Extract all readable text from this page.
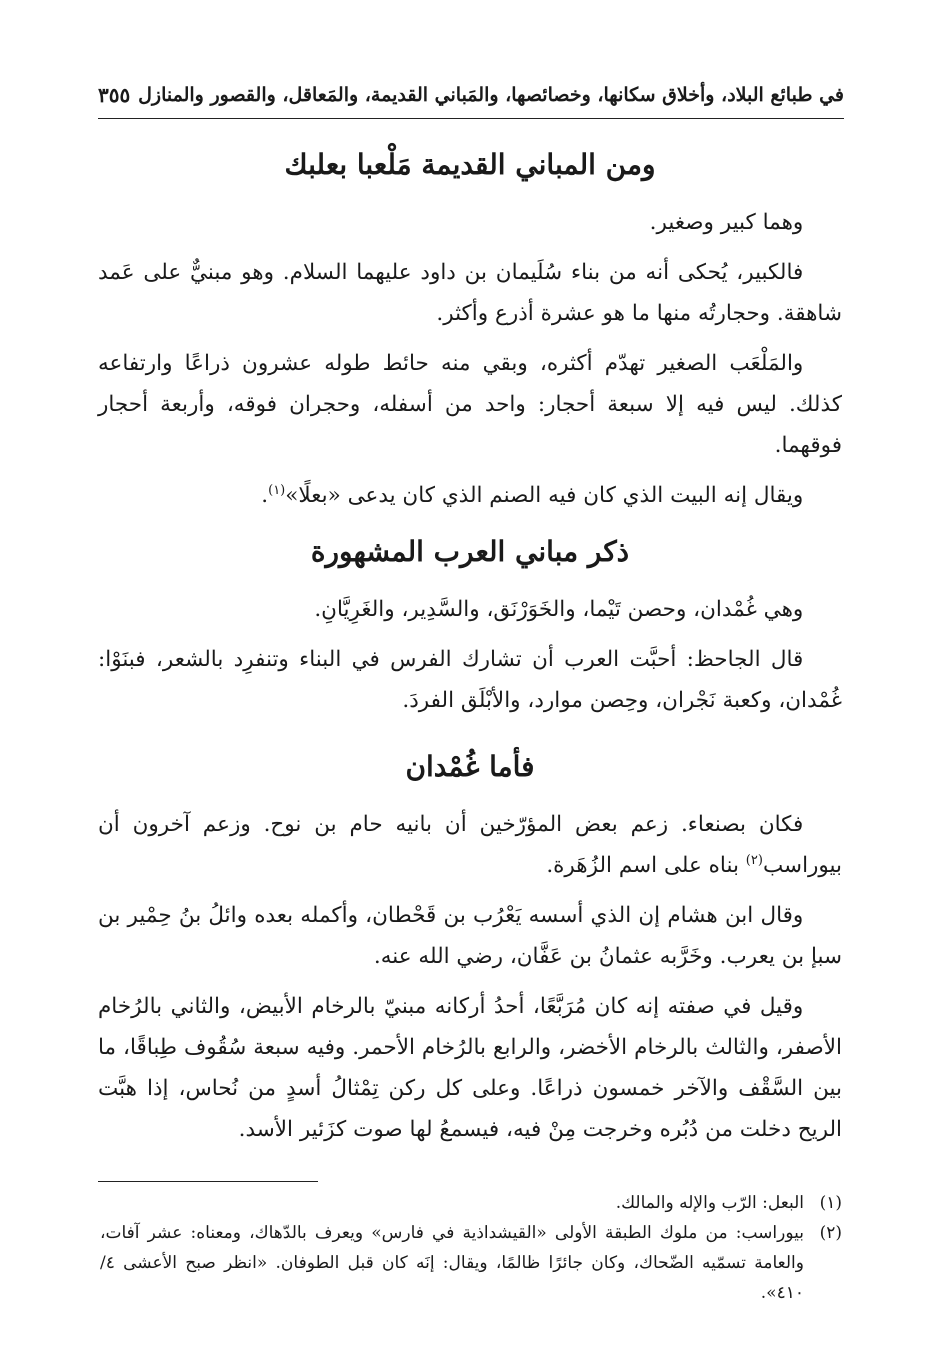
في طبائع البلاد، وأخلاق سكانها، وخصائصها، والمَباني القديمة، والمَعاقل، والقصور والمنازل
٣٥٥
ومن المباني القديمة مَلْعبا بعلبك

وهما كبير وصغير.

فالكبير، يُحكى أنه من بناء سُلَيمان بن داود عليهما السلام. وهو مبنيٌّ على عَمد شاهقة. وحجارتُه منها ما هو عشرة أذرع وأكثر.

والمَلْعَب الصغير تهدّم أكثره، وبقي منه حائط طوله عشرون ذراعًا وارتفاعه كذلك. ليس فيه إلا سبعة أحجار: واحد من أسفله، وحجران فوقه، وأربعة أحجار فوقهما.

ويقال إنه البيت الذي كان فيه الصنم الذي كان يدعى «بعلًا»$^{(١)}$.

ذكر مباني العرب المشهورة

وهي غُمْدان، وحصن تَيْما، والخَوَرْنَق، والسَّدِير، والغَرِيَّانِ.

قال الجاحظ: أحبَّت العرب أن تشارك الفرس في البناء وتنفرِد بالشعر، فبنَوْا: غُمْدان، وكعبة نَجْران، وحِصن موارد، والأبْلَق الفردَ.

فأما غُمْدان

فكان بصنعاء. زعم بعض المؤرّخين أن بانيه حام بن نوح. وزعم آخرون أن بيوراسب$^{(٢)}$ بناه على اسم الزُهَرة.

وقال ابن هشام إن الذي أسسه يَعْرُب بن قَحْطان، وأكمله بعده وائلُ بنُ حِمْير بن سبإ بن يعرب. وخَرَّبه عثمانُ بن عَفَّان، رضي الله عنه.

وقيل في صفته إنه كان مُرَبَّعًا، أحدُ أركانه مبنيّ بالرخام الأبيض، والثاني بالرُخام الأصفر، والثالث بالرخام الأخضر، والرابع بالرُخام الأحمر. وفيه سبعة سُقُوف طِباقًا، ما بين السَّقْف والآخر خمسون ذراعًا. وعلى كل ركن تِمْثالُ أسدٍ من نُحاس، إذا هبَّت الريح دخلت من دُبُره وخرجت مِنْ فيه، فيسمعُ لها صوت كزَئير الأسد.

(١)
البعل: الرّب والإله والمالك.

(٢)
بيوراسب: من ملوك الطبقة الأولى «القيشداذية في فارس» ويعرف بالدّهاك، ومعناه: عشر آفات، والعامة تسمّيه الضّحاك، وكان جائرًا ظالمًا، ويقال: إنَه كان قبل الطوفان. «انظر صبح الأعشى ٤/ ٤١٠».
